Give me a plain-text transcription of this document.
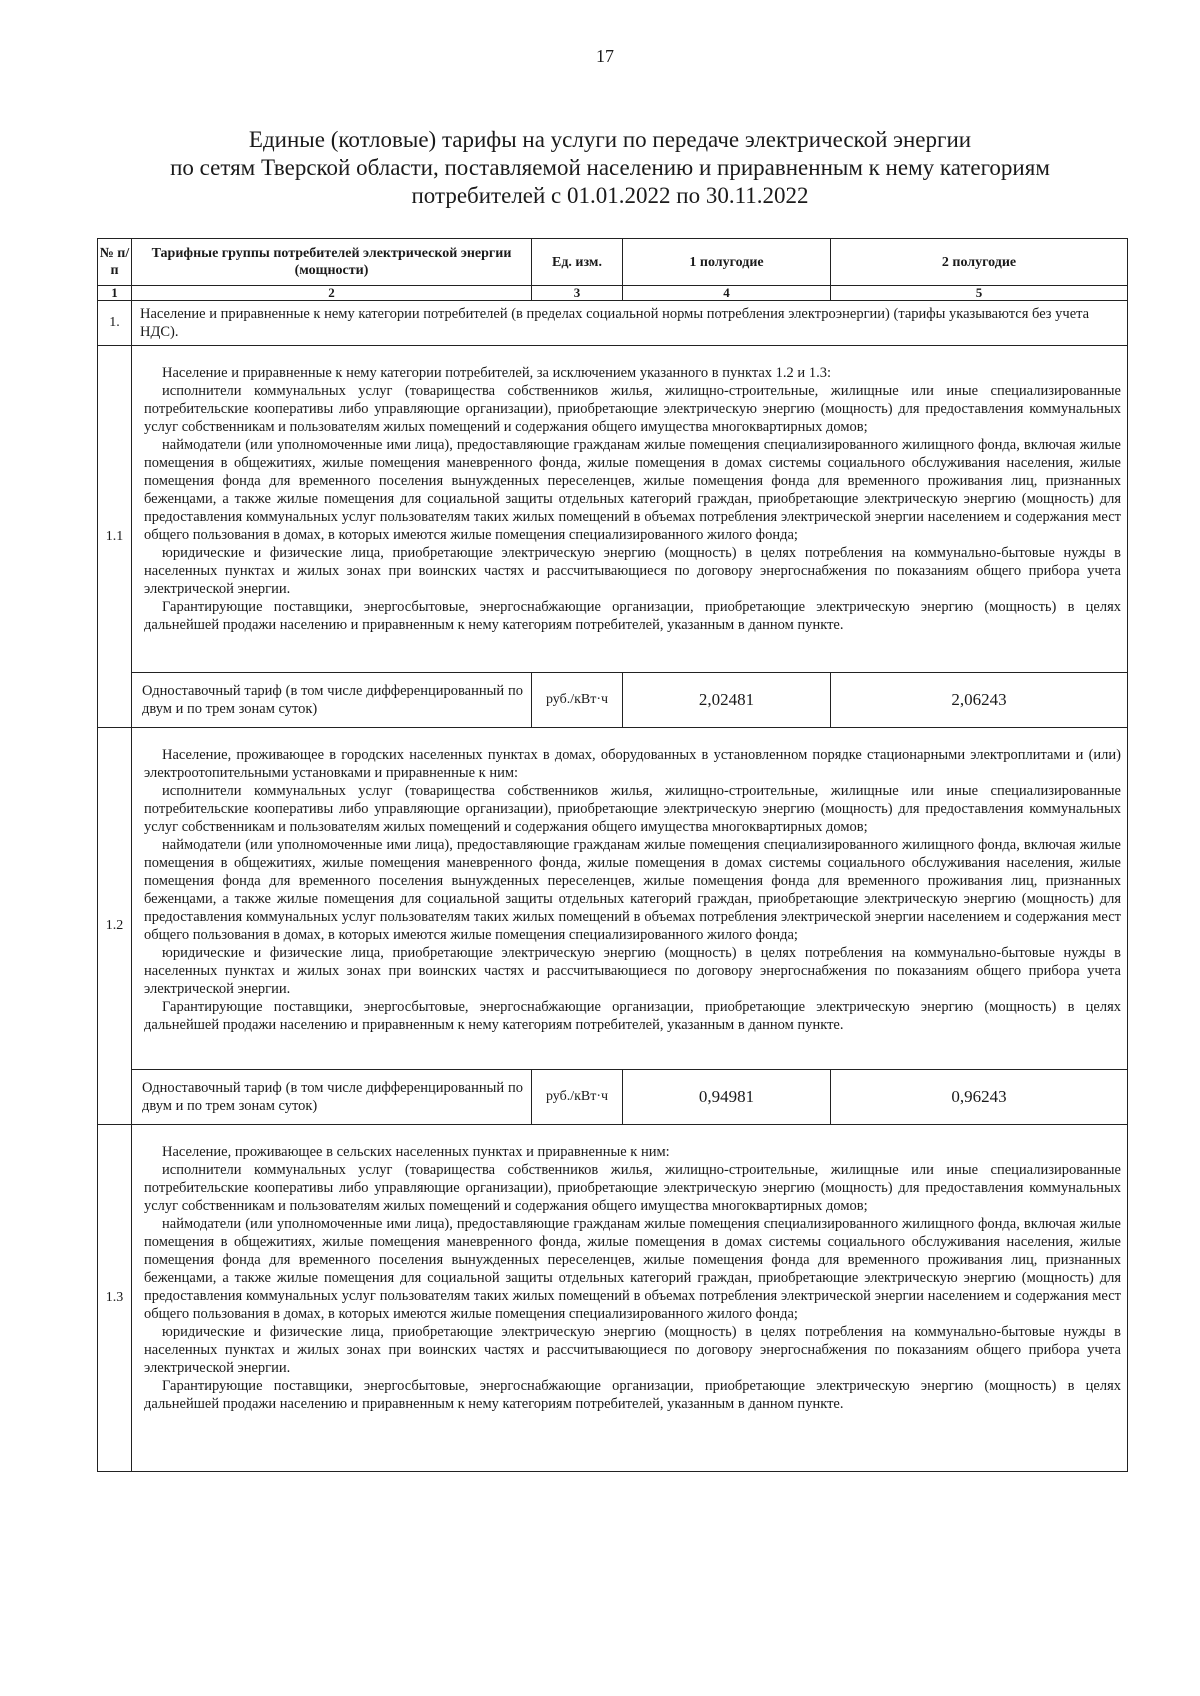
17
Единые (котловые) тарифы на услуги по передаче электрической энергии
по сетям Тверской области, поставляемой населению и приравненным к нему категориям
потребителей с 01.01.2022 по 30.11.2022
№ п/п	Тарифные группы потребителей электрической энергии (мощности)	Ед. изм.	1 полугодие	2 полугодие
1	2	3	4	5
1.	Население и приравненные к нему категории потребителей (в пределах социальной нормы потребления электроэнергии) (тарифы указываются без учета НДС).			
1.1	Население и приравненные к нему категории потребителей, за исключением указанного в пунктах 1.2 и 1.3:

исполнители коммунальных услуг (товарищества собственников жилья, жилищно-строительные, жилищные или иные специализированные потребительские кооперативы либо управляющие организации), приобретающие электрическую энергию (мощность) для предоставления коммунальных услуг собственникам и пользователям жилых помещений и содержания общего имущества многоквартирных домов;

наймодатели (или уполномоченные ими лица), предоставляющие гражданам жилые помещения специализированного жилищного фонда, включая жилые помещения в общежитиях, жилые помещения маневренного фонда, жилые помещения в домах системы социального обслуживания населения, жилые помещения фонда для временного поселения вынужденных переселенцев, жилые помещения фонда для временного проживания лиц, признанных беженцами, а также жилые помещения для социальной защиты отдельных категорий граждан, приобретающие электрическую энергию (мощность) для предоставления коммунальных услуг пользователям таких жилых помещений в объемах потребления электрической энергии населением и содержания мест общего пользования в домах, в которых имеются жилые помещения специализированного жилого фонда;

юридические и физические лица, приобретающие электрическую энергию (мощность) в целях потребления на коммунально-бытовые нужды в населенных пунктах и жилых зонах при воинских частях и рассчитывающиеся по договору энергоснабжения по показаниям общего прибора учета электрической энергии.

Гарантирующие поставщики, энергосбытовые, энергоснабжающие организации, приобретающие электрическую энергию (мощность) в целях дальнейшей продажи населению и приравненным к нему категориям потребителей, указанным в данном пункте.			

	Одноставочный тариф (в том числе дифференцированный по двум и по трем зонам суток)	руб./кВт·ч	2,02481	2,06243
1.2	Население, проживающее в городских населенных пунктах в домах, оборудованных в установленном порядке стационарными электроплитами и (или) электроотопительными установками и приравненные к ним:

исполнители коммунальных услуг (товарищества собственников жилья, жилищно-строительные, жилищные или иные специализированные потребительские кооперативы либо управляющие организации), приобретающие электрическую энергию (мощность) для предоставления коммунальных услуг собственникам и пользователям жилых помещений и содержания общего имущества многоквартирных домов;

наймодатели (или уполномоченные ими лица), предоставляющие гражданам жилые помещения специализированного жилищного фонда, включая жилые помещения в общежитиях, жилые помещения маневренного фонда, жилые помещения в домах системы социального обслуживания населения, жилые помещения фонда для временного поселения вынужденных переселенцев, жилые помещения фонда для временного проживания лиц, признанных беженцами, а также жилые помещения для социальной защиты отдельных категорий граждан, приобретающие электрическую энергию (мощность) для предоставления коммунальных услуг пользователям таких жилых помещений в объемах потребления электрической энергии населением и содержания мест общего пользования в домах, в которых имеются жилые помещения специализированного жилого фонда;

юридические и физические лица, приобретающие электрическую энергию (мощность) в целях потребления на коммунально-бытовые нужды в населенных пунктах и жилых зонах при воинских частях и рассчитывающиеся по договору энергоснабжения по показаниям общего прибора учета электрической энергии.

Гарантирующие поставщики, энергосбытовые, энергоснабжающие организации, приобретающие электрическую энергию (мощность) в целях дальнейшей продажи населению и приравненным к нему категориям потребителей, указанным в данном пункте.			

	Одноставочный тариф (в том числе дифференцированный по двум и по трем зонам суток)	руб./кВт·ч	0,94981	0,96243
1.3	Население, проживающее в сельских населенных пунктах и приравненные к ним:

исполнители коммунальных услуг (товарищества собственников жилья, жилищно-строительные, жилищные или иные специализированные потребительские кооперативы либо управляющие организации), приобретающие электрическую энергию (мощность) для предоставления коммунальных услуг собственникам и пользователям жилых помещений и содержания общего имущества многоквартирных домов;

наймодатели (или уполномоченные ими лица), предоставляющие гражданам жилые помещения специализированного жилищного фонда, включая жилые помещения в общежитиях, жилые помещения маневренного фонда, жилые помещения в домах системы социального обслуживания населения, жилые помещения фонда для временного поселения вынужденных переселенцев, жилые помещения фонда для временного проживания лиц, признанных беженцами, а также жилые помещения для социальной защиты отдельных категорий граждан, приобретающие электрическую энергию (мощность) для предоставления коммунальных услуг пользователям таких жилых помещений в объемах потребления электрической энергии населением и содержания мест общего пользования в домах, в которых имеются жилые помещения специализированного жилого фонда;

юридические и физические лица, приобретающие электрическую энергию (мощность) в целях потребления на коммунально-бытовые нужды в населенных пунктах и жилых зонах при воинских частях и рассчитывающиеся по договору энергоснабжения по показаниям общего прибора учета электрической энергии.

Гарантирующие поставщики, энергосбытовые, энергоснабжающие организации, приобретающие электрическую энергию (мощность) в целях дальнейшей продажи населению и приравненным к нему категориям потребителей, указанным в данном пункте.			
